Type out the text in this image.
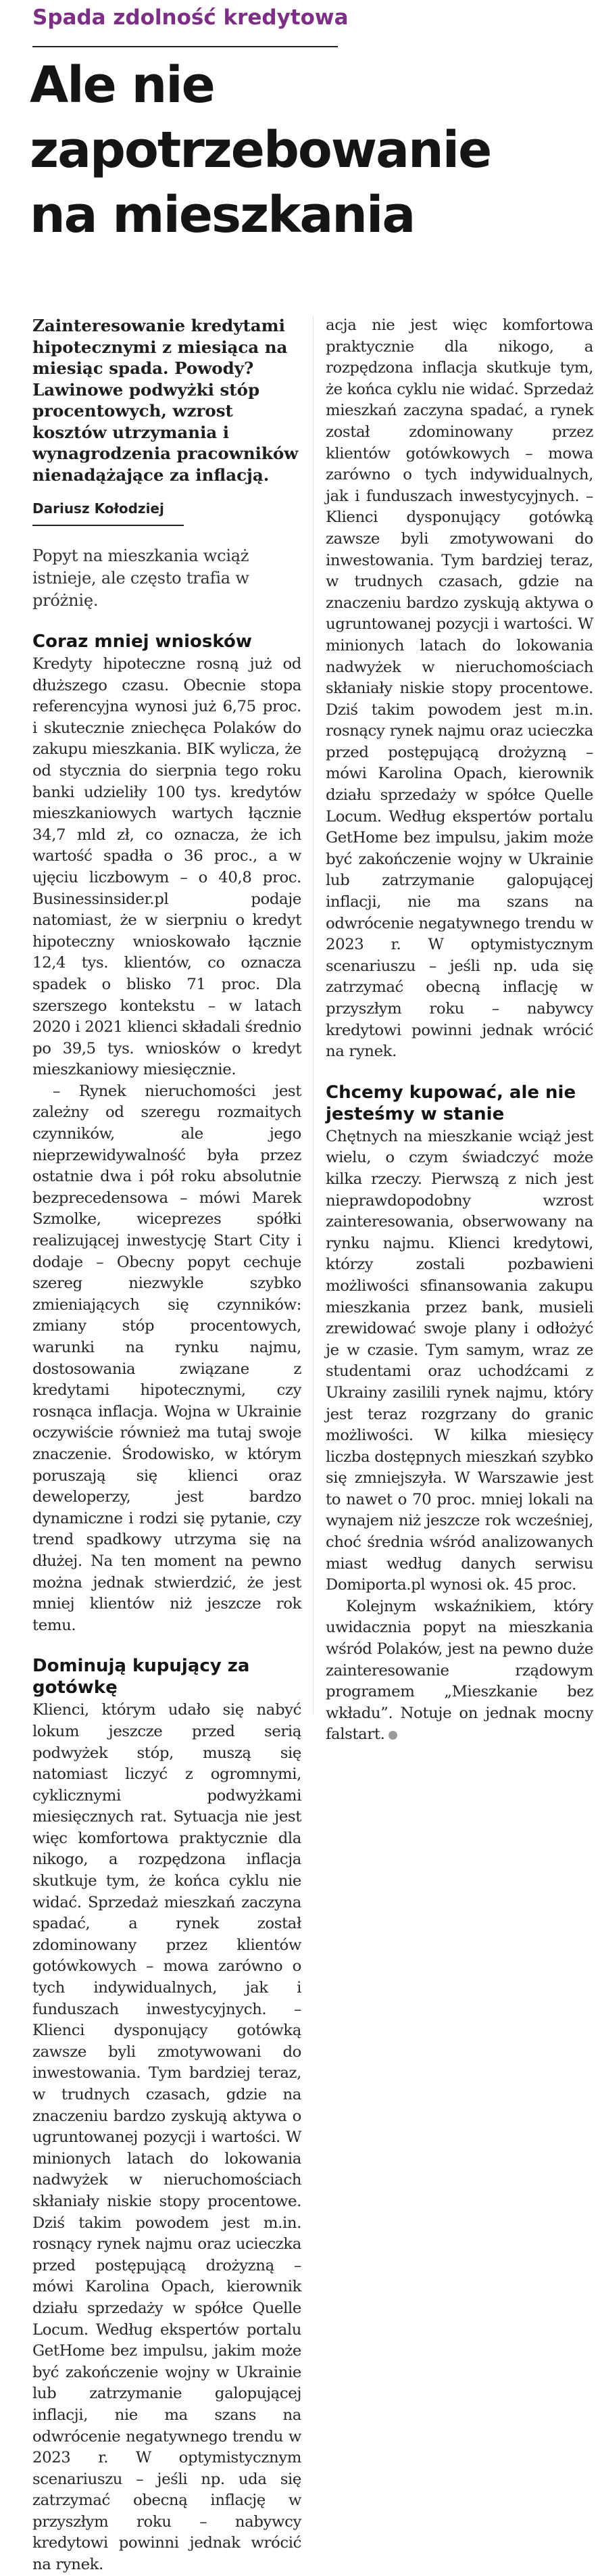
Spada zdolność kredytowa
Ale nie
zapotrzebowanie
na mieszkania

Zainteresowanie kredytami hipotecznymi z miesiąca na miesiąc spada. Powody? Lawinowe podwyżki stóp procentowych, wzrost kosztów utrzymania i wynagrodzenia pracowników nienadążające za inflacją.

Dariusz Kołodziej

Popyt na mieszkania wciąż istnieje, ale często trafia w próżnię.

Coraz mniej wniosków

Kredyty hipoteczne rosną już od dłuższego czasu. Obecnie stopa referencyjna wynosi już 6,75 proc. i skutecznie zniechęca Polaków do zakupu mieszkania. BIK wylicza, że od stycznia do sierpnia tego roku banki udzieliły 100 tys. kredytów mieszkaniowych wartych łącznie 34,7 mld zł, co oznacza, że ich wartość spadła o 36 proc., a w ujęciu liczbowym – o 40,8 proc. Businessinsider.pl podaje natomiast, że w sierpniu o kredyt hipoteczny wnioskowało łącznie 12,4 tys. klientów, co oznacza spadek o blisko 71 proc. Dla szerszego kontekstu – w latach 2020 i 2021 klienci składali średnio po 39,5 tys. wniosków o kredyt mieszkaniowy miesięcznie.

– Rynek nieruchomości jest zależny od szeregu rozmaitych czynników, ale jego nieprzewidywalność była przez ostatnie dwa i pół roku absolutnie bezprecedensowa – mówi Marek Szmolke, wiceprezes spółki realizującej inwestycję Start City i dodaje – Obecny popyt cechuje szereg niezwykle szybko zmieniających się czynników: zmiany stóp procentowych, warunki na rynku najmu, dostosowania związane z kredytami hipotecznymi, czy rosnąca inflacja. Wojna w Ukrainie oczywiście również ma tutaj swoje znaczenie. Środowisko, w którym poruszają się klienci oraz deweloperzy, jest bardzo dynamiczne i rodzi się pytanie, czy trend spadkowy utrzyma się na dłużej. Na ten moment na pewno można jednak stwierdzić, że jest mniej klientów niż jeszcze rok temu.

Dominują kupujący za gotówkę

Klienci, którym udało się nabyć lokum jeszcze przed serią podwyżek stóp, muszą się natomiast liczyć z ogromnymi, cyklicznymi podwyżkami miesięcznych rat. Sytuacja nie jest więc komfortowa praktycznie dla nikogo, a rozpędzona inflacja skutkuje tym, że końca cyklu nie widać. Sprzedaż mieszkań zaczyna spadać, a rynek został zdominowany przez klientów gotówkowych – mowa zarówno o tych indywidualnych, jak i funduszach inwestycyjnych. – Klienci dysponujący gotówką zawsze byli zmotywowani do inwestowania. Tym bardziej teraz, w trudnych czasach, gdzie na znaczeniu bardzo zyskują aktywa o ugruntowanej pozycji i wartości. W minionych latach do lokowania nadwyżek w nieruchomościach skłaniały niskie stopy procentowe. Dziś takim powodem jest m.in. rosnący rynek najmu oraz ucieczka przed postępującą drożyzną – mówi Karolina Opach, kierownik działu sprzedaży w spółce Quelle Locum. Według ekspertów portalu GetHome bez impulsu, jakim może być zakończenie wojny w Ukrainie lub zatrzymanie galopującej inflacji, nie ma szans na odwrócenie negatywnego trendu w 2023 r. W optymistycznym scenariuszu – jeśli np. uda się zatrzymać obecną inflację w przyszłym roku – nabywcy kredytowi powinni jednak wrócić na rynek.

acja nie jest więc komfortowa praktycznie dla nikogo, a rozpędzona inflacja skutkuje tym, że końca cyklu nie widać. Sprzedaż mieszkań zaczyna spadać, a rynek został zdominowany przez klientów gotówkowych – mowa zarówno o tych indywidualnych, jak i funduszach inwestycyjnych. – Klienci dysponujący gotówką zawsze byli zmotywowani do inwestowania. Tym bardziej teraz, w trudnych czasach, gdzie na znaczeniu bardzo zyskują aktywa o ugruntowanej pozycji i wartości. W minionych latach do lokowania nadwyżek w nieruchomościach skłaniały niskie stopy procentowe. Dziś takim powodem jest m.in. rosnący rynek najmu oraz ucieczka przed postępującą drożyzną – mówi Karolina Opach, kierownik działu sprzedaży w spółce Quelle Locum. Według ekspertów portalu GetHome bez impulsu, jakim może być zakończenie wojny w Ukrainie lub zatrzymanie galopującej inflacji, nie ma szans na odwrócenie negatywnego trendu w 2023 r. W optymistycznym scenariuszu – jeśli np. uda się zatrzymać obecną inflację w przyszłym roku – nabywcy kredytowi powinni jednak wrócić na rynek.

Chcemy kupować, ale nie jesteśmy w stanie

Chętnych na mieszkanie wciąż jest wielu, o czym świadczyć może kilka rzeczy. Pierwszą z nich jest nieprawdopodobny wzrost zainteresowania, obserwowany na rynku najmu. Klienci kredytowi, którzy zostali pozbawieni możliwości sfinansowania zakupu mieszkania przez bank, musieli zrewidować swoje plany i odłożyć je w czasie. Tym samym, wraz ze studentami oraz uchodźcami z Ukrainy zasilili rynek najmu, który jest teraz rozgrzany do granic możliwości. W kilka miesięcy liczba dostępnych mieszkań szybko się zmniejszyła. W Warszawie jest to nawet o 70 proc. mniej lokali na wynajem niż jeszcze rok wcześniej, choć średnia wśród analizowanych miast według danych serwisu Domiporta.pl wynosi ok. 45 proc.

Kolejnym wskaźnikiem, który uwidacznia popyt na mieszkania wśród Polaków, jest na pewno duże zainteresowanie rządowym programem „Mieszkanie bez wkładu”. Notuje on jednak mocny falstart.
